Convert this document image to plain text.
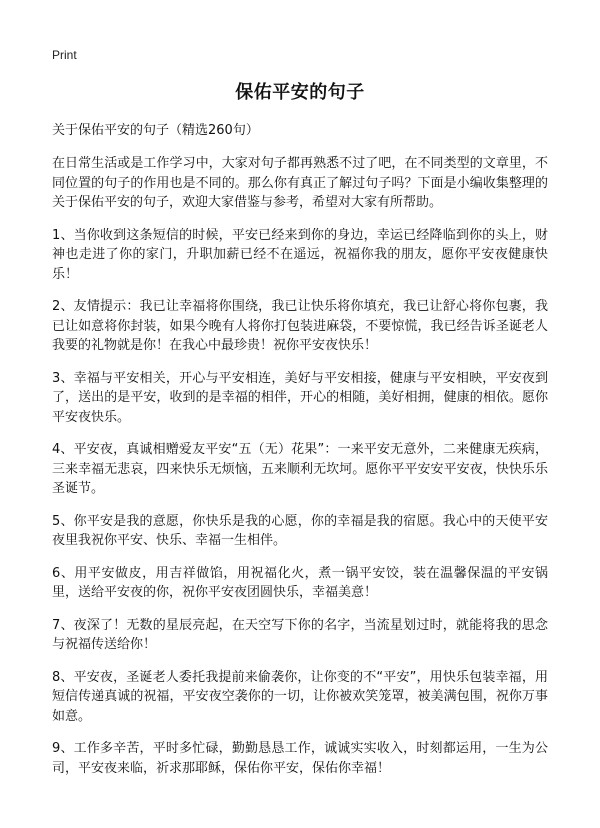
Print
保佑平安的句子

关于保佑平安的句子（精选260句）

在日常生活或是工作学习中，大家对句子都再熟悉不过了吧，在不同类型的文章里，不同位置的句子的作用也是不同的。那么你有真正了解过句子吗？下面是小编收集整理的关于保佑平安的句子，欢迎大家借鉴与参考，希望对大家有所帮助。

1、当你收到这条短信的时候，平安已经来到你的身边，幸运已经降临到你的头上，财神也走进了你的家门，升职加薪已经不在遥远，祝福你我的朋友，愿你平安夜健康快乐！

2、友情提示：我已让幸福将你围绕，我已让快乐将你填充，我已让舒心将你包裹，我已让如意将你封装，如果今晚有人将你打包装进麻袋，不要惊慌，我已经告诉圣诞老人我要的礼物就是你！在我心中最珍贵！祝你平安夜快乐！

3、幸福与平安相关，开心与平安相连，美好与平安相接，健康与平安相映，平安夜到了，送出的是平安，收到的是幸福的相伴，开心的相随，美好相拥，健康的相依。愿你平安夜快乐。

4、平安夜，真诚相赠爱友平安“五（无）花果”：一来平安无意外，二来健康无疾病，三来幸福无悲哀，四来快乐无烦恼，五来顺利无坎坷。愿你平平安安平安夜，快快乐乐圣诞节。

5、你平安是我的意愿，你快乐是我的心愿，你的幸福是我的宿愿。我心中的天使平安夜里我祝你平安、快乐、幸福一生相伴。

6、用平安做皮，用吉祥做馅，用祝福化火，煮一锅平安饺，装在温馨保温的平安锅里，送给平安夜的你，祝你平安夜团圆快乐，幸福美意！

7、夜深了！无数的星辰亮起，在天空写下你的名字，当流星划过时，就能将我的思念与祝福传送给你！

8、平安夜，圣诞老人委托我提前来偷袭你，让你变的不“平安”，用快乐包装幸福，用短信传递真诚的祝福，平安夜空袭你的一切，让你被欢笑笼罩，被美满包围，祝你万事如意。

9、工作多辛苦，平时多忙碌，勤勤恳恳工作，诚诚实实收入，时刻都运用，一生为公司，平安夜来临，祈求那耶稣，保佑你平安，保佑你幸福！
